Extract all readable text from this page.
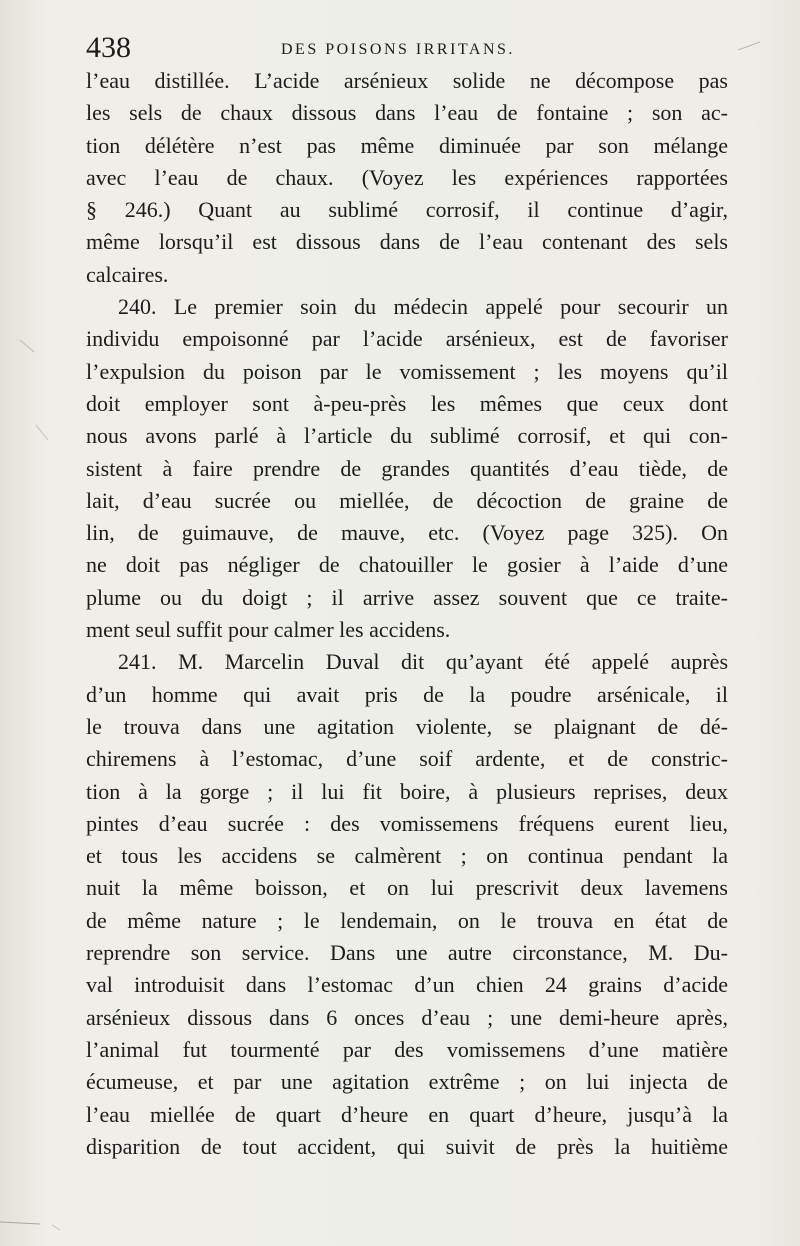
438	DES POISONS IRRITANS.
l’eau distillée. L’acide arsénieux solide ne décompose pas
les sels de chaux dissous dans l’eau de fontaine ; son ac-
tion délétère n’est pas même diminuée par son mélange
avec l’eau de chaux. (Voyez les expériences rapportées
§ 246.) Quant au sublimé corrosif, il continue d’agir,
même lorsqu’il est dissous dans de l’eau contenant des sels
calcaires.
240. Le premier soin du médecin appelé pour secourir un
individu empoisonné par l’acide arsénieux, est de favoriser
l’expulsion du poison par le vomissement ; les moyens qu’il
doit employer sont à-peu-près les mêmes que ceux dont
nous avons parlé à l’article du sublimé corrosif, et qui con-
sistent à faire prendre de grandes quantités d’eau tiède, de
lait, d’eau sucrée ou miellée, de décoction de graine de
lin, de guimauve, de mauve, etc. (Voyez page 325). On
ne doit pas négliger de chatouiller le gosier à l’aide d’une
plume ou du doigt ; il arrive assez souvent que ce traite-
ment seul suffit pour calmer les accidens.
241. M. Marcelin Duval dit qu’ayant été appelé auprès
d’un homme qui avait pris de la poudre arsénicale, il
le trouva dans une agitation violente, se plaignant de dé-
chiremens à l’estomac, d’une soif ardente, et de constric-
tion à la gorge ; il lui fit boire, à plusieurs reprises, deux
pintes d’eau sucrée : des vomissemens fréquens eurent lieu,
et tous les accidens se calmèrent ; on continua pendant la
nuit la même boisson, et on lui prescrivit deux lavemens
de même nature ; le lendemain, on le trouva en état de
reprendre son service. Dans une autre circonstance, M. Du-
val introduisit dans l’estomac d’un chien 24 grains d’acide
arsénieux dissous dans 6 onces d’eau ; une demi-heure après,
l’animal fut tourmenté par des vomissemens d’une matière
écumeuse, et par une agitation extrême ; on lui injecta de
l’eau miellée de quart d’heure en quart d’heure, jusqu’à la
disparition de tout accident, qui suivit de près la huitième
